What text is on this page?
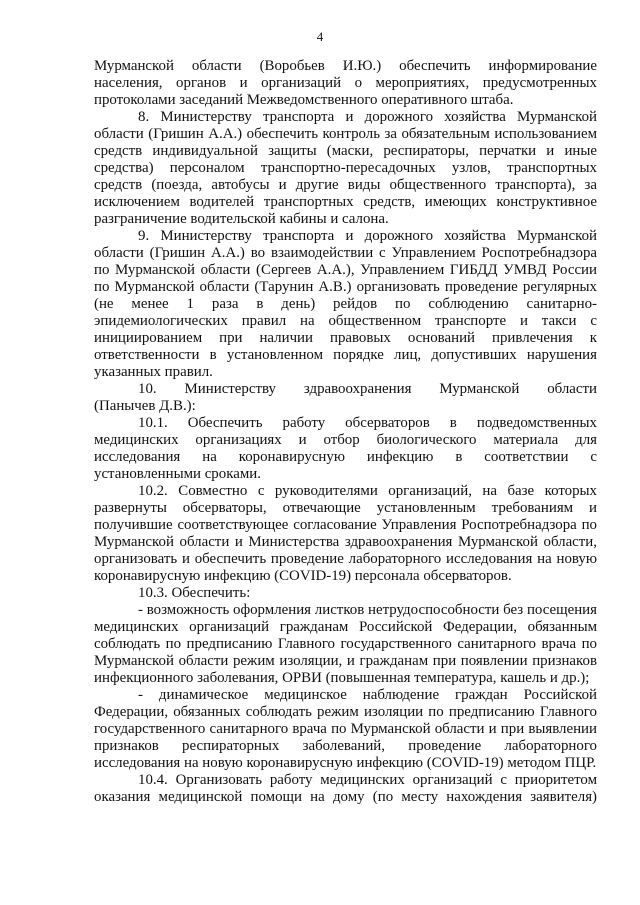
4

Мурманской области (Воробьев И.Ю.) обеспечить информирование населения, органов и организаций о мероприятиях, предусмотренных протоколами заседаний Межведомственного оперативного штаба.

8. Министерству транспорта и дорожного хозяйства Мурманской области (Гришин А.А.) обеспечить контроль за обязательным использованием средств индивидуальной защиты (маски, респираторы, перчатки и иные средства) персоналом транспортно-пересадочных узлов, транспортных средств (поезда, автобусы и другие виды общественного транспорта), за исключением водителей транспортных средств, имеющих конструктивное разграничение водительской кабины и салона.

9. Министерству транспорта и дорожного хозяйства Мурманской области (Гришин А.А.) во взаимодействии с Управлением Роспотребнадзора по Мурманской области (Сергеев А.А.), Управлением ГИБДД УМВД России по Мурманской области (Тарунин А.В.) организовать проведение регулярных (не менее 1 раза в день) рейдов по соблюдению санитарно-эпидемиологических правил на общественном транспорте и такси с инициированием при наличии правовых оснований привлечения к ответственности в установленном порядке лиц, допустивших нарушения указанных правил.

10. Министерству здравоохранения Мурманской области

(Панычев Д.В.):

10.1. Обеспечить работу обсерваторов в подведомственных медицинских организациях и отбор биологического материала для исследования на коронавирусную инфекцию в соответствии с установленными сроками.

10.2. Совместно с руководителями организаций, на базе которых развернуты обсерваторы, отвечающие установленным требованиям и получившие соответствующее согласование Управления Роспотребнадзора по Мурманской области и Министерства здравоохранения Мурманской области, организовать и обеспечить проведение лабораторного исследования на новую коронавирусную инфекцию (COVID-19) персонала обсерваторов.

10.3. Обеспечить:

- возможность оформления листков нетрудоспособности без посещения медицинских организаций гражданам Российской Федерации, обязанным соблюдать по предписанию Главного государственного санитарного врача по Мурманской области режим изоляции, и гражданам при появлении признаков инфекционного заболевания, ОРВИ (повышенная температура, кашель и др.);

- динамическое медицинское наблюдение граждан Российской Федерации, обязанных соблюдать режим изоляции по предписанию Главного государственного санитарного врача по Мурманской области и при выявлении признаков респираторных заболеваний, проведение лабораторного исследования на новую коронавирусную инфекцию (COVID-19) методом ПЦР.

10.4. Организовать работу медицинских организаций с приоритетом оказания медицинской помощи на дому (по месту нахождения заявителя)
